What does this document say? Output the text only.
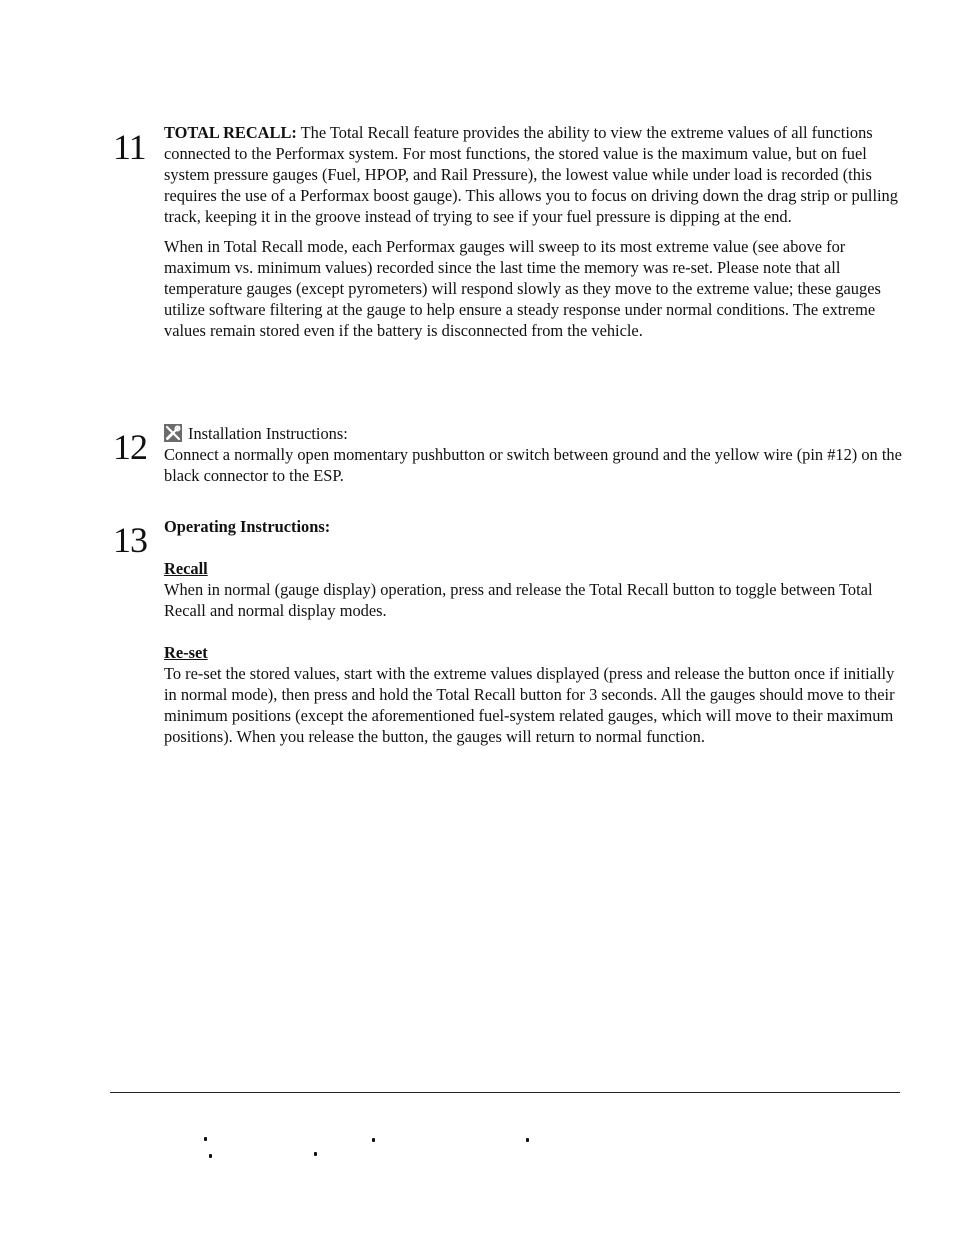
11 TOTAL RECALL: The Total Recall feature provides the ability to view the extreme values of all functions connected to the Performax system. For most functions, the stored value is the maximum value, but on fuel system pressure gauges (Fuel, HPOP, and Rail Pressure), the lowest value while under load is recorded (this requires the use of a Performax boost gauge). This allows you to focus on driving down the drag strip or pulling track, keeping it in the groove instead of trying to see if your fuel pressure is dipping at the end.

When in Total Recall mode, each Performax gauges will sweep to its most extreme value (see above for maximum vs. minimum values) recorded since the last time the memory was re-set. Please note that all temperature gauges (except pyrometers) will respond slowly as they move to the extreme value; these gauges utilize software filtering at the gauge to help ensure a steady response under normal conditions. The extreme values remain stored even if the battery is disconnected from the vehicle.

12	Installation Instructions:

Connect a normally open momentary pushbutton or switch between ground and the yellow wire (pin #12) on the black connector to the ESP.

13 Operating Instructions:

Recall

When in normal (gauge display) operation, press and release the Total Recall button to toggle between Total Recall and normal display modes.

Re-set

To re-set the stored values, start with the extreme values displayed (press and release the button once if initially in normal mode), then press and hold the Total Recall button for 3 seconds. All the gauges should move to their minimum positions (except the aforementioned fuel-system related gauges, which will move to their maximum positions). When you release the button, the gauges will return to normal function.
